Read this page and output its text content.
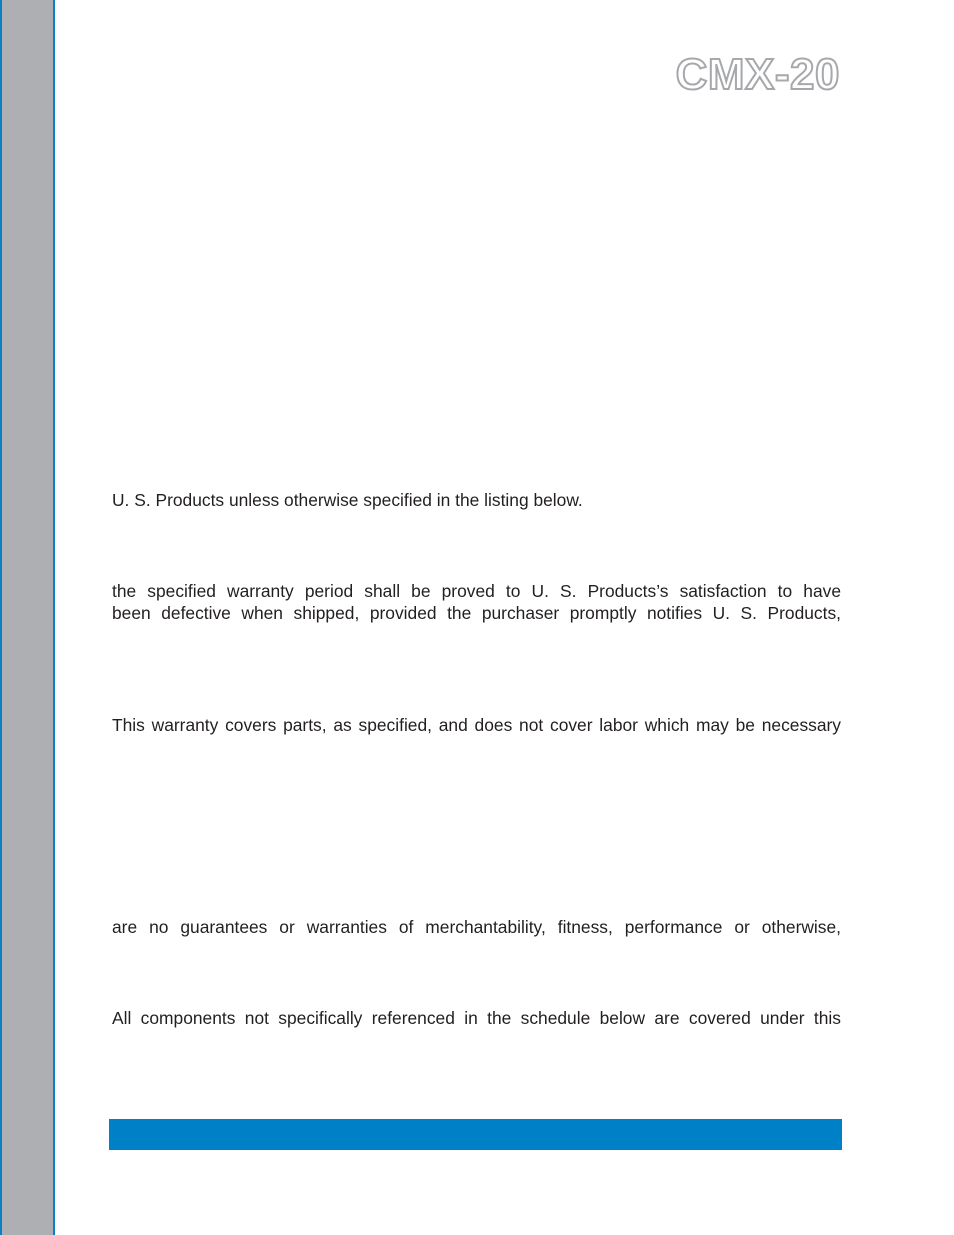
CMX-20

U. S. Products unless otherwise specified in the listing below.

the specified warranty period shall be proved to U. S. Products’s satisfaction to have

been defective when shipped, provided the purchaser promptly notifies U. S. Products,

This warranty covers parts, as specified, and does not cover labor which may be necessary

are no guarantees or warranties of merchantability, fitness, performance or otherwise,

All components not specifically referenced in the schedule below are covered under this
